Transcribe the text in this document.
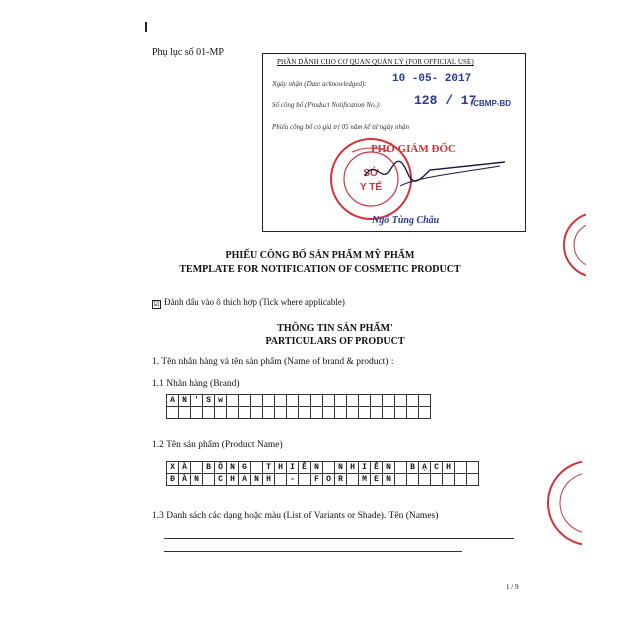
Phụ lục số 01-MP
PHẦN DÀNH CHO CƠ QUAN QUẢN LÝ (FOR OFFICIAL USE)
Ngày nhận (Date acknowledged): 10 -05- 2017
Số công bố (Product Notification No.):	128 / 17
/CBMP-BD
Phiếu công bố có giá trị 05 năm kể từ ngày nhận
SỞ
Y TẾ
PHÓ GIÁM ĐỐC
Ngô Tùng Châu
PHIẾU CÔNG BỐ SẢN PHẨM MỸ PHẨM
TEMPLATE FOR NOTIFICATION OF COSMETIC PRODUCT
☑ Đánh dấu vào ô thích hợp (Tick where applicable)
THÔNG TIN SẢN PHẨM'
PARTICULARS OF PRODUCT
1. Tên nhãn hàng và tên sản phẩm (Name of brand & product) :
1.1 Nhãn hàng (Brand)
A	N	'	S	w																	

1.2 Tên sản phẩm (Product Name)
X	À		B	Ô	N	G		T	H	I	Ê	N		N	H	I	Ê	N		B	Ạ	C	H		
Đ	À	N		C	H	A	N	H		-		F	O	R		M	E	N							
1.3 Danh sách các dạng hoặc màu (List of Variants or Shade). Tên (Names)
1 / 9
